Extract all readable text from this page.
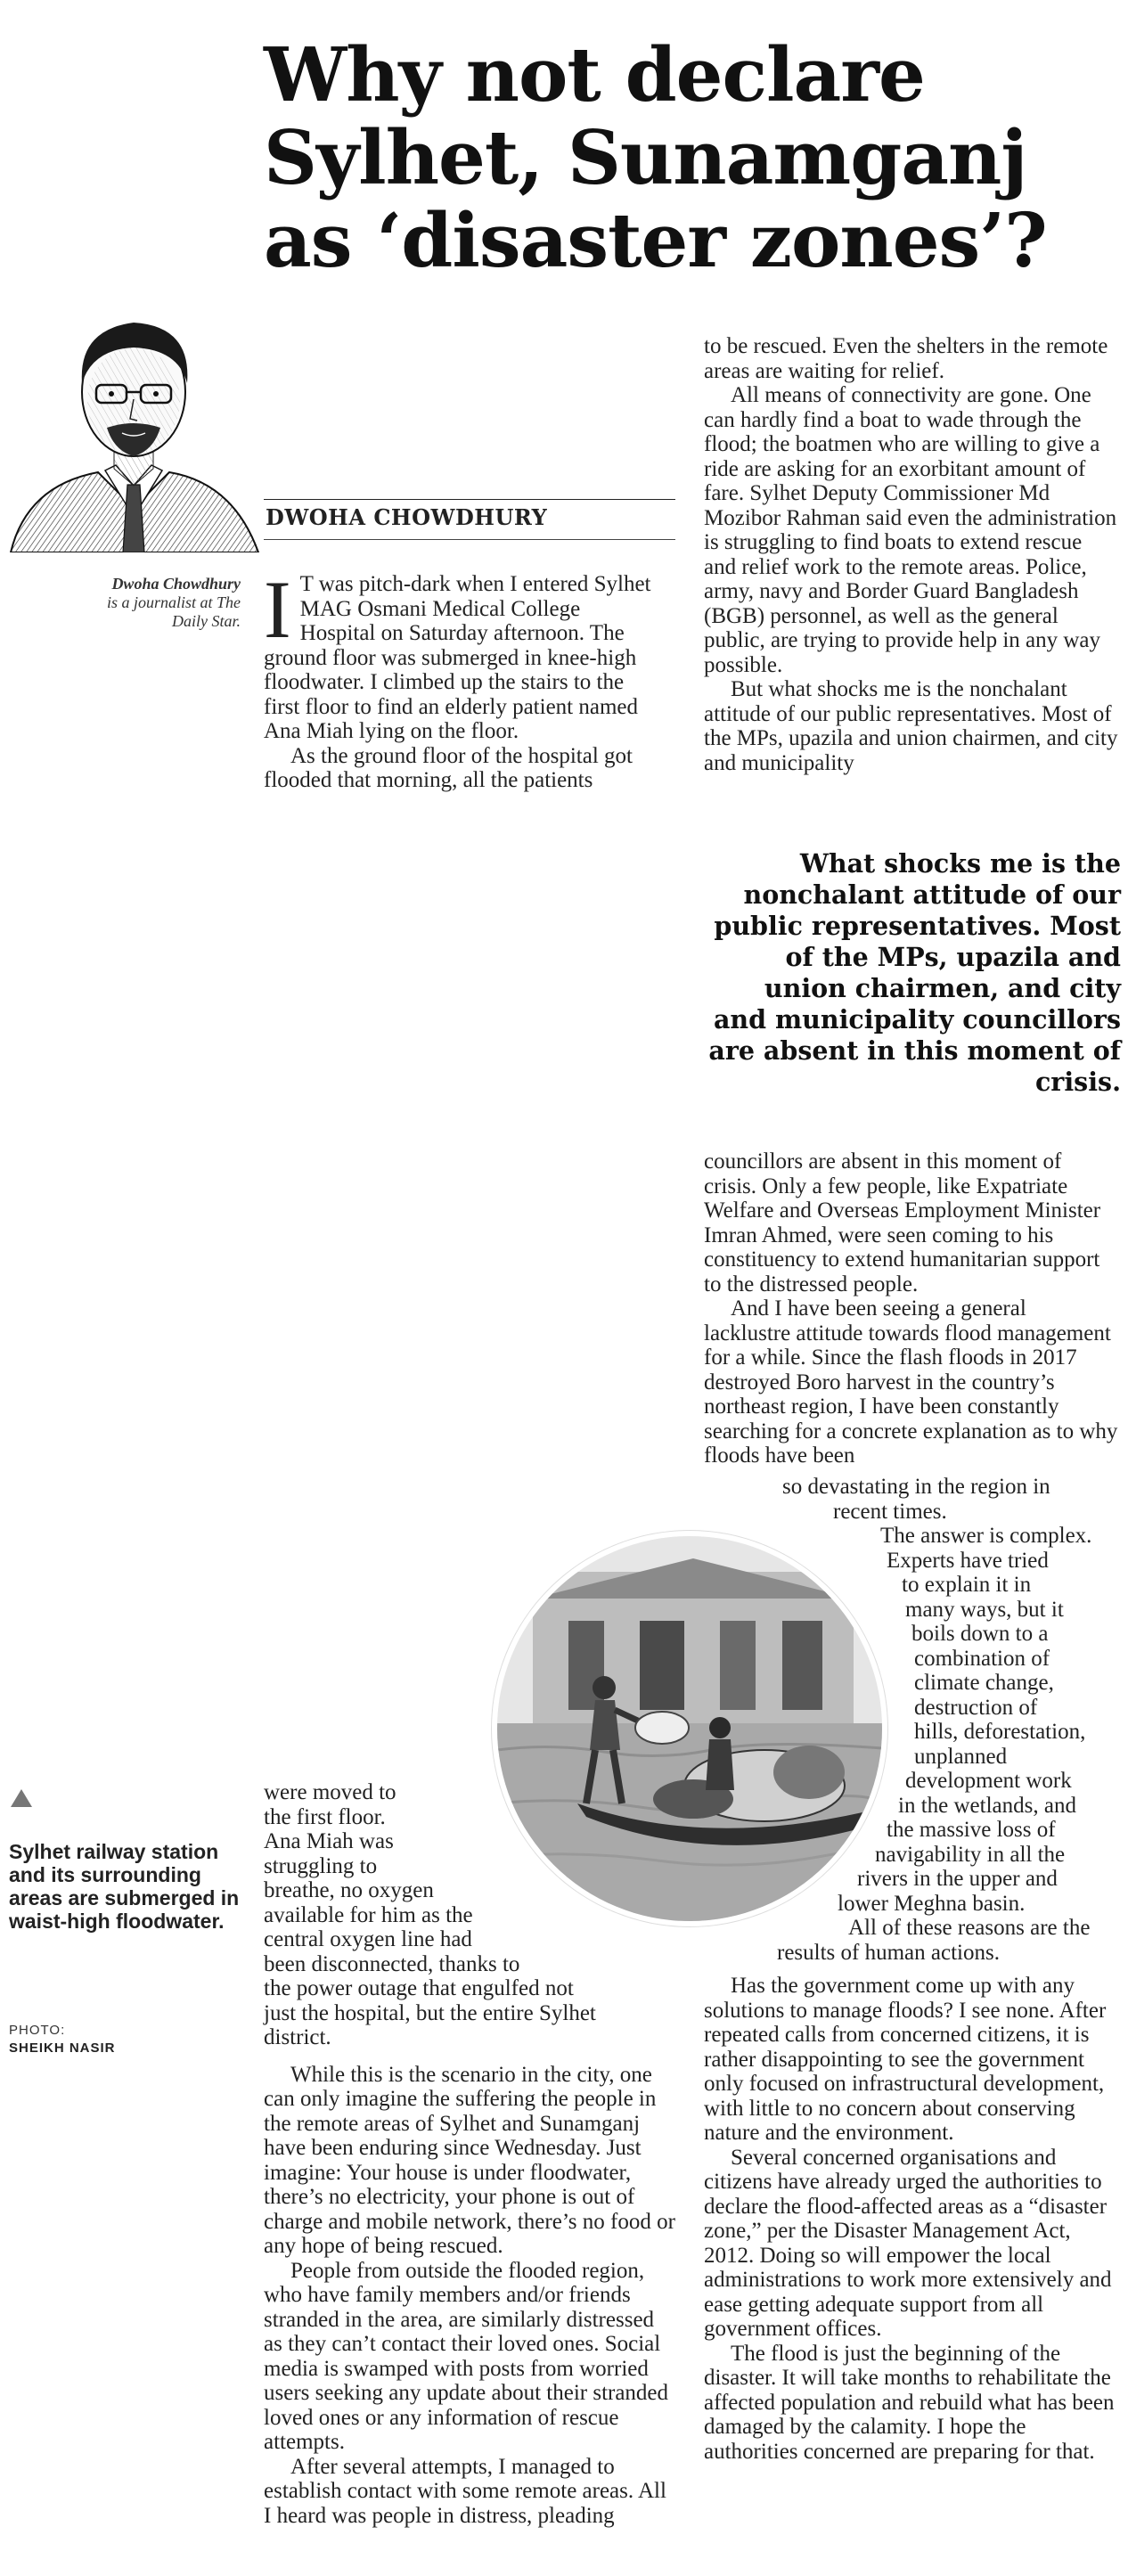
Why not declare
Sylhet, Sunamganj
as ‘disaster zones’?
DWOHA CHOWDHURY
Dwoha Chowdhury
is a journalist at The
Daily Star. I T was pitch-dark when I entered Sylhet MAG Osmani Medical College Hospital on Saturday afternoon. The ground floor was submerged in knee-high floodwater. I climbed up the stairs to the first floor to find an elderly patient named Ana Miah lying on the floor.

As the ground floor of the hospital got flooded that morning, all the patients

to be rescued. Even the shelters in the remote areas are waiting for relief.

All means of connectivity are gone. One can hardly find a boat to wade through the flood; the boatmen who are willing to give a ride are asking for an exorbitant amount of fare. Sylhet Deputy Commissioner Md Mozibor Rahman said even the administration is struggling to find boats to extend rescue and relief work to the remote areas. Police, army, navy and Border Guard Bangladesh (BGB) personnel, as well as the general public, are trying to provide help in any way possible.

But what shocks me is the nonchalant attitude of our public representatives. Most of the MPs, upazila and union chairmen, and city and municipality

What shocks me is the nonchalant attitude of our public representatives. Most of the MPs, upazila and union chairmen, and city and municipality councillors are absent in this moment of crisis.

councillors are absent in this moment of crisis. Only a few people, like Expatriate Welfare and Overseas Employment Minister Imran Ahmed, were seen coming to his constituency to extend humanitarian support to the distressed people.

And I have been seeing a general lacklustre attitude towards flood management for a while. Since the flash floods in 2017 destroyed Boro harvest in the country’s northeast region, I have been constantly searching for a concrete explanation as to why floods have been

so devastating in the region in
recent times.
The answer is complex.
Experts have tried
to explain it in
many ways, but it
boils down to a
combination of
climate change,
destruction of
hills, deforestation,
unplanned
development work
in the wetlands, and
the massive loss of
navigability in all the
rivers in the upper and
lower Meghna basin.
All of these reasons are the
results of human actions.
Sylhet railway station and its surrounding areas are submerged in waist-high floodwater.
PHOTO:
SHEIKH NASIR
were moved to
the first floor.
Ana Miah was
struggling to
breathe, no oxygen
available for him as the
central oxygen line had
been disconnected, thanks to
the power outage that engulfed not
just the hospital, but the entire Sylhet
district.

While this is the scenario in the city, one can only imagine the suffering the people in the remote areas of Sylhet and Sunamganj have been enduring since Wednesday. Just imagine: Your house is under floodwater, there’s no electricity, your phone is out of charge and mobile network, there’s no food or any hope of being rescued.

People from outside the flooded region, who have family members and/or friends stranded in the area, are similarly distressed as they can’t contact their loved ones. Social media is swamped with posts from worried users seeking any update about their stranded loved ones or any information of rescue attempts.

After several attempts, I managed to establish contact with some remote areas. All I heard was people in distress, pleading

Has the government come up with any solutions to manage floods? I see none. After repeated calls from concerned citizens, it is rather disappointing to see the government only focused on infrastructural development, with little to no concern about conserving nature and the environment.

Several concerned organisations and citizens have already urged the authorities to declare the flood-affected areas as a “disaster zone,” per the Disaster Management Act, 2012. Doing so will empower the local administrations to work more extensively and ease getting adequate support from all government offices.

The flood is just the beginning of the disaster. It will take months to rehabilitate the affected population and rebuild what has been damaged by the calamity. I hope the authorities concerned are preparing for that.
